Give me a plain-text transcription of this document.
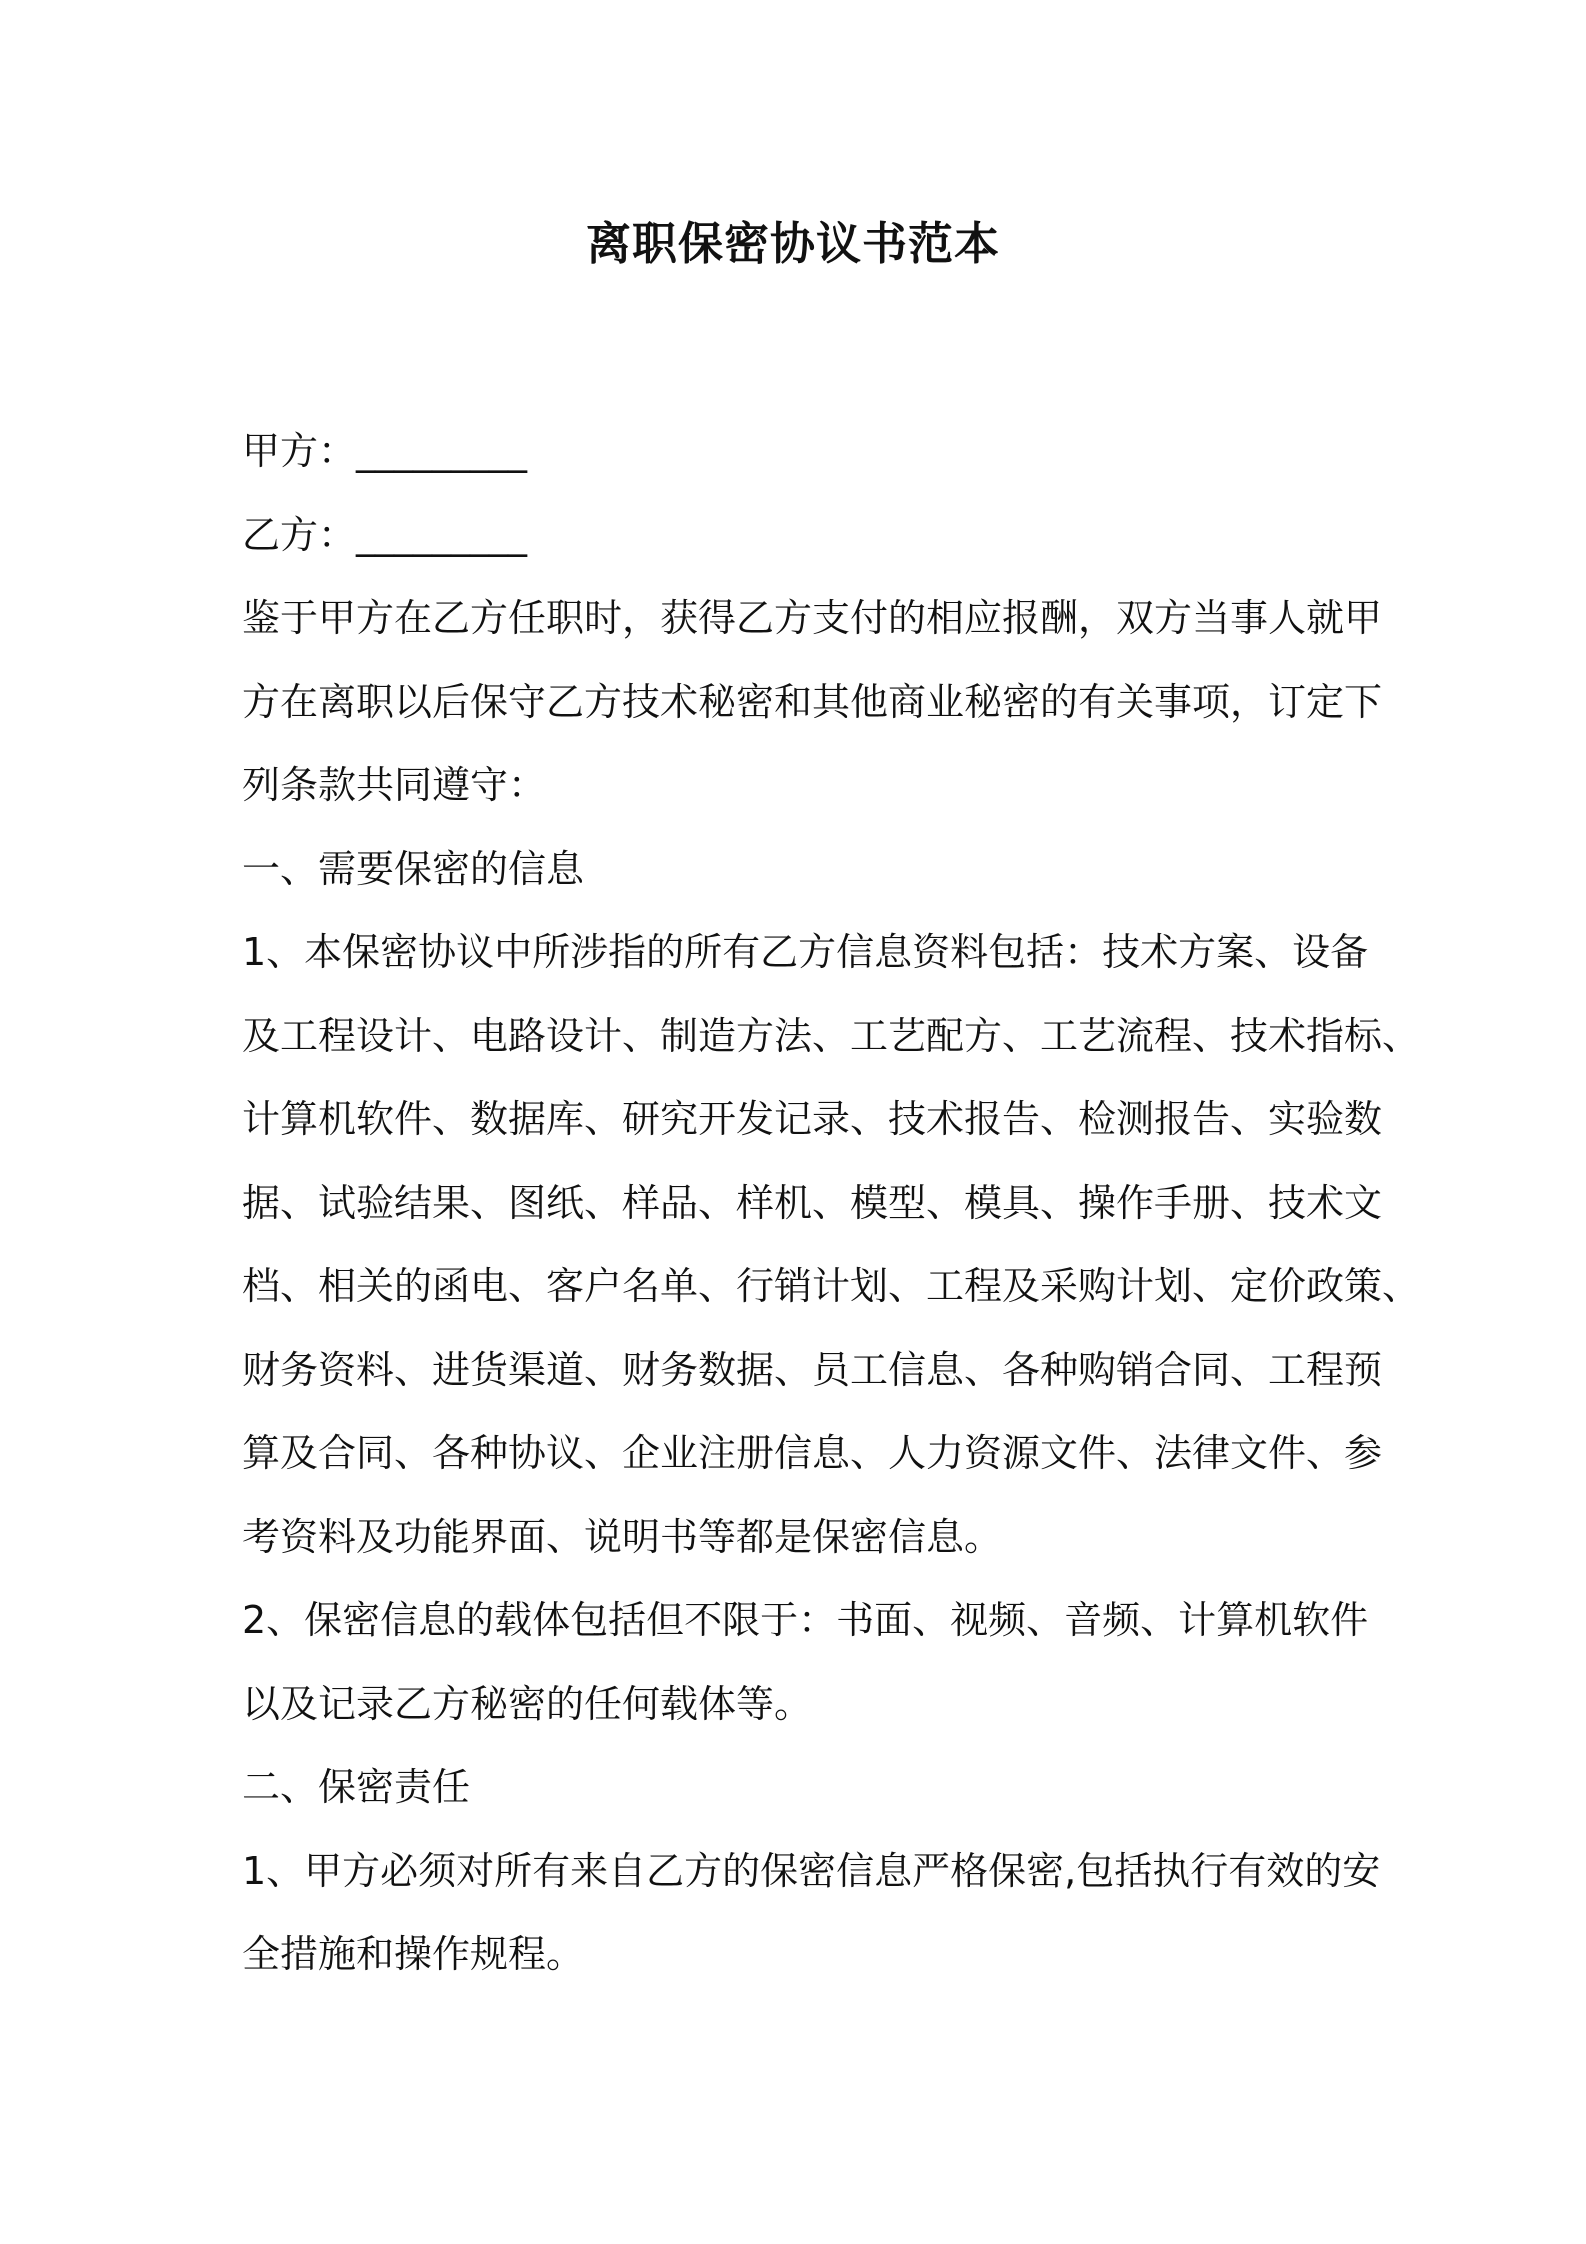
离职保密协议书范本

甲方：_________

乙方：_________

鉴于甲方在乙方任职时，获得乙方支付的相应报酬，双方当事人就甲

方在离职以后保守乙方技术秘密和其他商业秘密的有关事项，订定下

列条款共同遵守：

一、需要保密的信息

1、本保密协议中所涉指的所有乙方信息资料包括：技术方案、设备

及工程设计、电路设计、制造方法、工艺配方、工艺流程、技术指标、

计算机软件、数据库、研究开发记录、技术报告、检测报告、实验数

据、试验结果、图纸、样品、样机、模型、模具、操作手册、技术文

档、相关的函电、客户名单、行销计划、工程及采购计划、定价政策、

财务资料、进货渠道、财务数据、员工信息、各种购销合同、工程预

算及合同、各种协议、企业注册信息、人力资源文件、法律文件、参

考资料及功能界面、说明书等都是保密信息。

2、保密信息的载体包括但不限于：书面、视频、音频、计算机软件

以及记录乙方秘密的任何载体等。

二、保密责任

1、甲方必须对所有来自乙方的保密信息严格保密,包括执行有效的安

全措施和操作规程。
